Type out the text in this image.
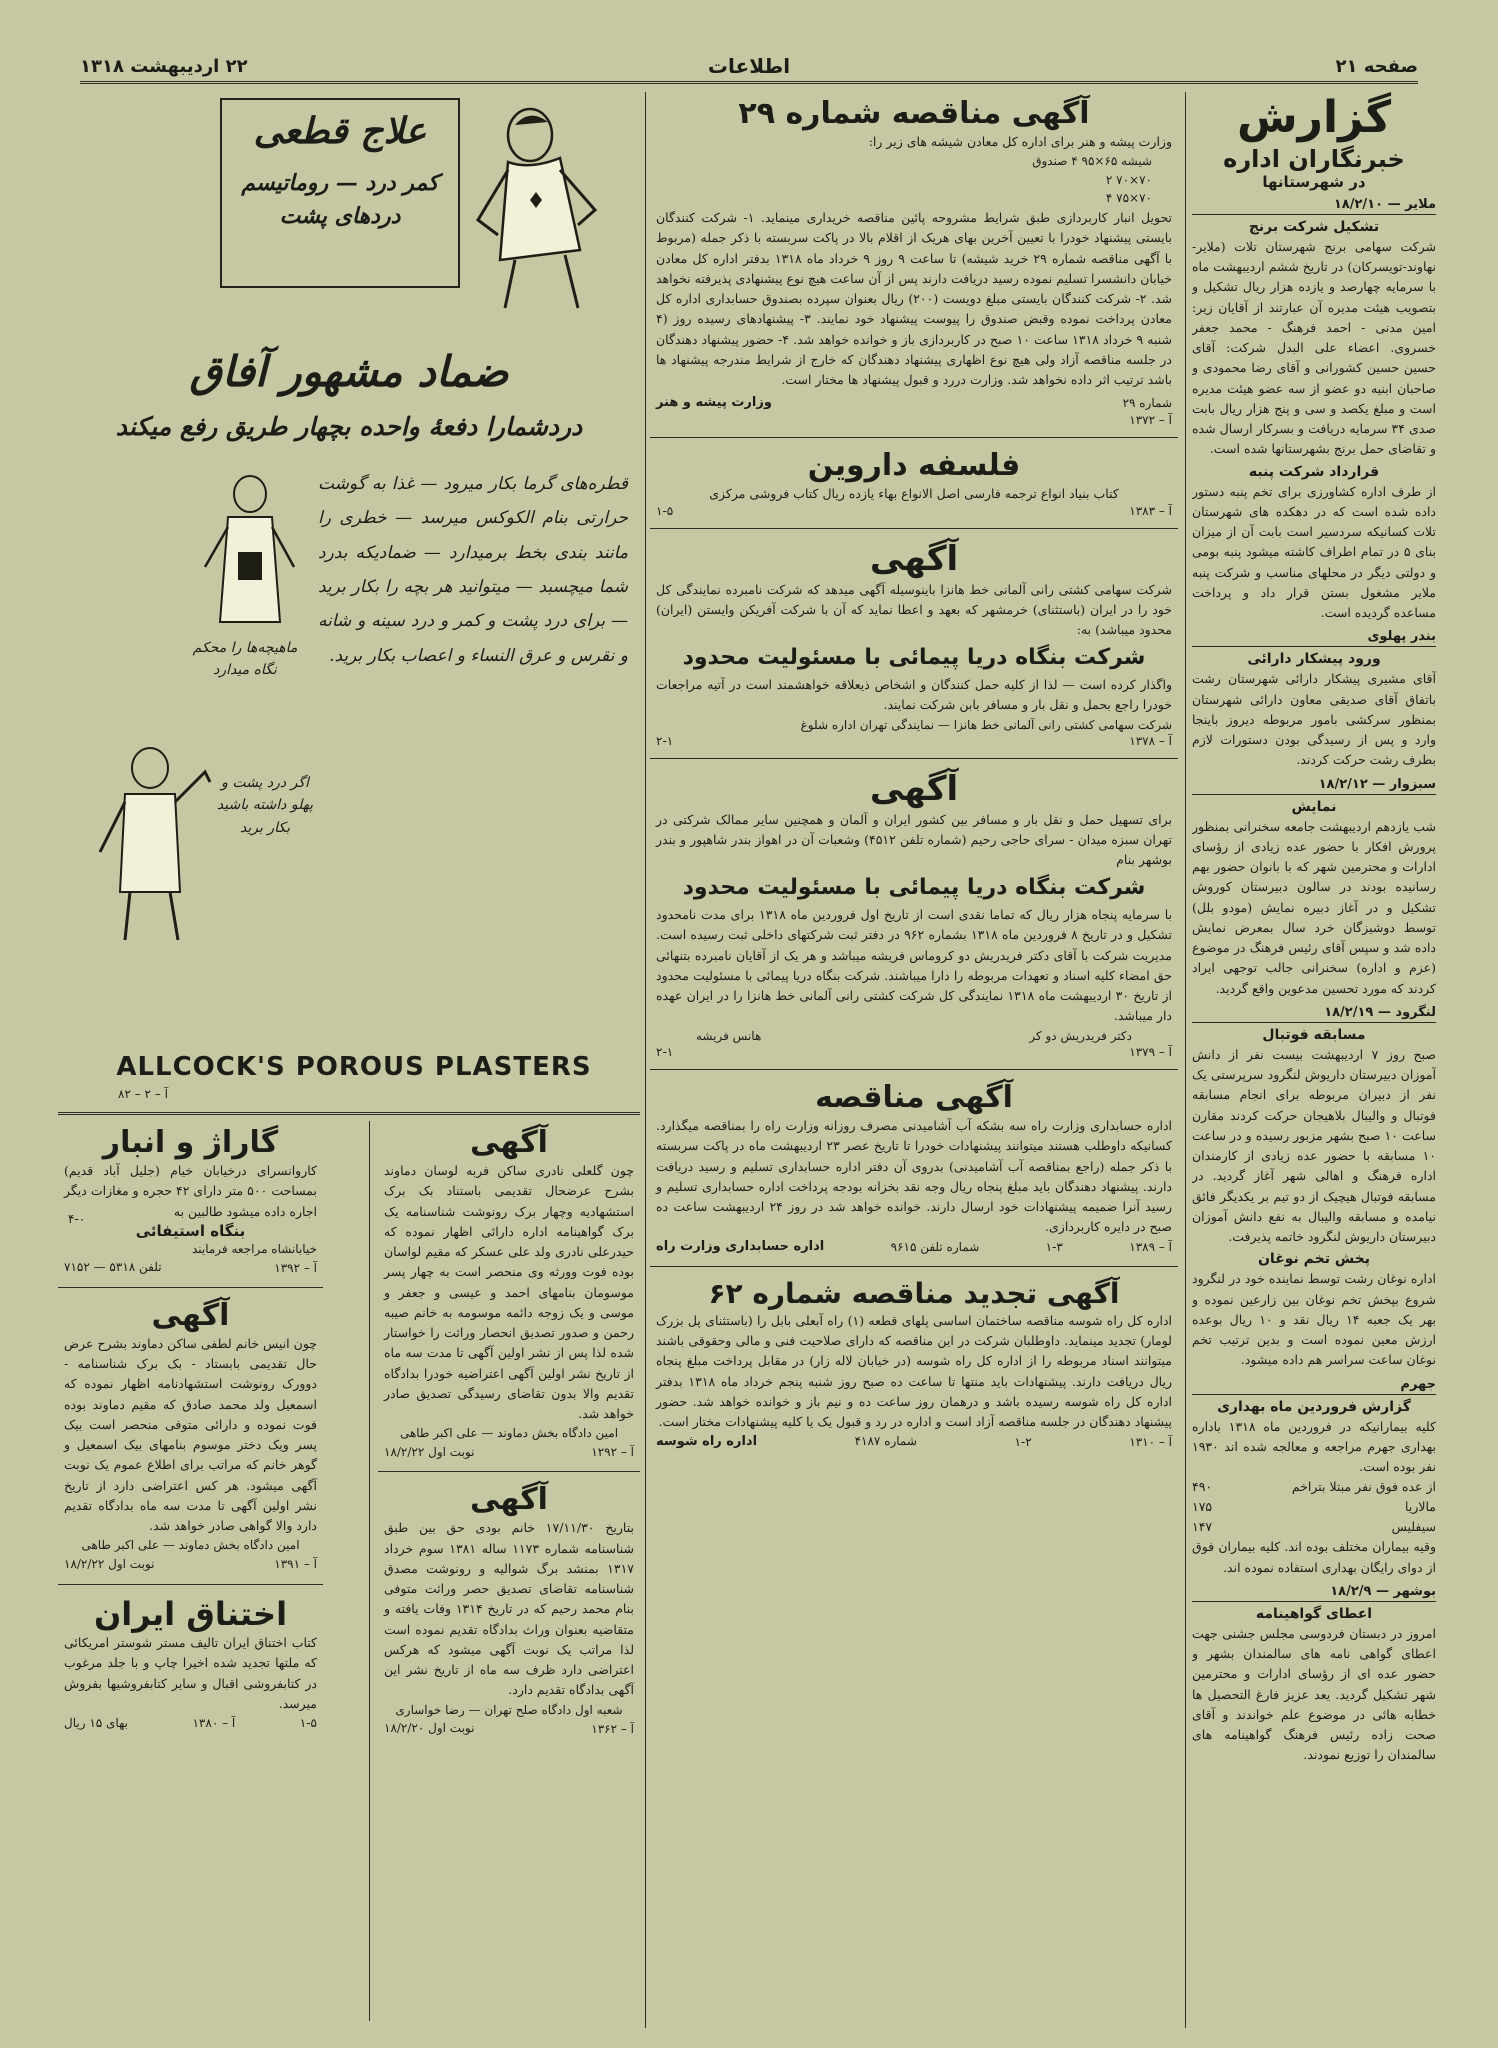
صفحه ۲۱
اطلاعات
۲۲ اردیبهشت ۱۳۱۸
گزارش
خبرنگاران اداره
در شهرستانها
ملایر — ۱۸/۲/۱۰
تشکیل شرکت برنج
شرکت سهامی برنج شهرستان تلات (ملایر-نهاوند-تویسرکان) در تاریخ ششم اردیبهشت ماه با سرمایه چهارصد و یازده هزار ریال تشکیل و بتصویب هیئت مدیره آن عبارتند از آقایان زیر: امین مدنی - احمد فرهنگ - محمد جعفر خسروی. اعضاء علی البدل شرکت: آقای حسین حسین کشورانی و آقای رضا محمودی و صاحبان ابنیه دو عضو از سه عضو هیئت مدیره است و مبلغ یکصد و سی و پنج هزار ریال بابت صدی ۳۴ سرمایه دریافت و بسرکار ارسال شده و تقاضای حمل برنج بشهرستانها شده است.
قرارداد شرکت پنبه
از طرف اداره کشاورزی برای تخم پنبه دستور داده شده است که در دهکده های شهرستان تلات کسانیکه سردسیر است بابت آن از میزان بنای ۵ در تمام اطراف کاشته میشود پنبه بومی و دولتی دیگر در محلهای مناسب و شرکت پنبه ملایر مشغول بستن قرار داد و پرداخت مساعده گردیده است.
بندر پهلوی
ورود پیشکار دارائی
آقای مشیری پیشکار دارائی شهرستان رشت باتفاق آقای صدیقی معاون دارائی شهرستان بمنظور سرکشی بامور مربوطه دیروز باینجا وارد و پس از رسیدگی بودن دستورات لازم بطرف رشت حرکت کردند.
سبزوار — ۱۸/۲/۱۲
نمایش
شب یازدهم اردیبهشت جامعه سخنرانی بمنظور پرورش افکار با حضور عده زیادی از رؤسای ادارات و محترمین شهر که با بانوان حضور بهم رسانیده بودند در سالون دبیرستان کوروش تشکیل و در آغاز دبیره نمایش (مودو بلل) توسط دوشیزگان خرد سال بمعرض نمایش داده شد و سپس آقای رئیس فرهنگ در موضوع (عزم و اداره) سخنرانی جالب توجهی ایراد کردند که مورد تحسین مدعوین واقع گردید.
لنگرود — ۱۸/۲/۱۹
مسابقه فوتبال
صبح روز ۷ اردیبهشت بیست نفر از دانش آموزان دبیرستان داریوش لنگرود سرپرستی یک نفر از دبیران مربوطه برای انجام مسابقه فوتبال و والیبال بلاهیجان حرکت کردند مقارن ساعت ۱۰ صبح بشهر مزبور رسیده و در ساعت ۱۰ مسابقه با حضور عده زیادی از کارمندان اداره فرهنگ و اهالی شهر آغاز گردید. در مسابقه فوتبال هیچیک از دو تیم بر یکدیگر فائق نیامده و مسابقه والیبال به نفع دانش آموزان دبیرستان داریوش لنگرود خاتمه پذیرفت.
پخش تخم نوغان
اداره نوغان رشت توسط نماینده خود در لنگرود شروع بپخش تخم نوغان بین زارعین نموده و بهر یک جعبه ۱۴ ریال نقد و ۱۰ ریال بوعده ارزش معین نموده است و بدین ترتیب تخم نوغان ساعت سراسر هم داده میشود.
جهرم
گزارش فروردین ماه بهداری
کلیه بیمارانیکه در فروردین ماه ۱۳۱۸ باداره بهداری جهرم مراجعه و معالجه شده اند ۱۹۳۰ نفر بوده است.
از عده فوق نفر مبتلا بتراخم
۴۹۰
مالاریا
۱۷۵
سیفلیس
۱۴۷
وقیه بیماران مختلف بوده اند. کلیه بیماران فوق از دوای رایگان بهداری استفاده نموده اند.
بوشهر — ۱۸/۲/۹
اعطای گواهینامه
امروز در دبستان فردوسی مجلس جشنی جهت اعطای گواهی نامه های سالمندان بشهر و حضور عده ای از رؤسای ادارات و محترمین شهر تشکیل گردید. یعد عزیز فارغ التحصیل ها خطابه هائی در موضوع علم خواندند و آقای صحت زاده رئیس فرهنگ گواهینامه های سالمندان را توزیع نمودند.
آگهی مناقصه شماره ۲۹
وزارت پیشه و هنر برای اداره کل معادن شیشه های زیر را:
شیشه ۶۵×۹۵ ۴ صندوق
۷۰×۷۰ ۲
۷۰×۷۵ ۴
تحویل انبار کاربردازی طبق شرایط مشروحه پائین مناقصه خریداری مینماید. ۱- شرکت کنندگان بایستی پیشنهاد خودرا با تعیین آخرین بهای هریک از اقلام بالا در پاکت سربسته با ذکر جمله (مربوط با آگهی مناقصه شماره ۲۹ خرید شیشه) تا ساعت ۹ روز ۹ خرداد ماه ۱۳۱۸ بدفتر اداره کل معادن خیابان دانشسرا تسلیم نموده رسید دریافت دارند پس از آن ساعت هیچ نوع پیشنهادی پذیرفته نخواهد شد. ۲- شرکت کنندگان بایستی مبلغ دویست (۲۰۰) ریال بعنوان سپرده بصندوق حسابداری اداره کل معادن پرداخت نموده وقبض صندوق را پیوست پیشنهاد خود نمایند. ۳- پیشنهادهای رسیده روز (۴ شنبه ۹ خرداد ۱۳۱۸ ساعت ۱۰ صبح در کاربردازی باز و خوانده خواهد شد. ۴- حضور پیشنهاد دهندگان در جلسه مناقصه آزاد ولی هیچ نوع اظهاری پیشنهاد دهندگان که خارج از شرایط مندرجه پیشنهاد ها باشد ترتیب اثر داده نخواهد شد. وزارت دررد و قبول پیشنهاد ها مختار است.
شماره ۲۹
وزارت پیشه و هنر
آ – ۱۳۷۲
فلسفه داروین
کتاب بنیاد انواع ترجمه فارسی اصل الانواع بهاء یازده ریال کتاب فروشی مرکزی
آ – ۱۳۸۳
۱-۵
آگهی
شرکت سهامی کشتی رانی آلمانی خط هانزا باینوسیله آگهی میدهد که شرکت نامبرده نمایندگی کل خود را در ایران (باستثنای) خرمشهر که بعهد و اعطا نماید که آن با شرکت آفریکن وایستن (ایران) محدود میباشد) به:
شرکت بنگاه دریا پیمائی با مسئولیت محدود
واگذار کرده است — لذا از کلیه حمل کنندگان و اشخاص ذیعلاقه خواهشمند است در آتیه مراجعات خودرا راجع بحمل و نقل بار و مسافر بابن شرکت نمایند.
شرکت سهامی کشتی رانی آلمانی خط هانزا — نمایندگی تهران اداره شلوغ
آ – ۱۳۷۸
۲-۱
آگهی
برای تسهیل حمل و نقل بار و مسافر بین کشور ایران و آلمان و همچنین سایر ممالک شرکتی در تهران سبزه میدان - سرای حاجی رحیم (شماره تلفن ۴۵۱۲) وشعبات آن در اهواز بندر شاهپور و بندر بوشهر بنام
شرکت بنگاه دریا پیمائی با مسئولیت محدود
با سرمایه پنجاه هزار ریال که تماما نقدی است از تاریخ اول فروردین ماه ۱۳۱۸ برای مدت نامحدود تشکیل و در تاریخ ۸ فروردین ماه ۱۳۱۸ بشماره ۹۶۲ در دفتر ثبت شرکتهای داخلی ثبت رسیده است. مدیریت شرکت با آقای دکتر فریدریش دو کروماس فریشه میباشد و هر یک از آقایان نامبرده بتنهائی حق امضاء کلیه اسناد و تعهدات مربوطه را دارا میباشند. شرکت بنگاه دریا پیمائی با مسئولیت محدود از تاریخ ۳۰ اردیبهشت ماه ۱۳۱۸ نمایندگی کل شرکت کشتی رانی آلمانی خط هانزا را در ایران عهده دار میباشد.
دکتر فریدریش دو کر
هانس فریشه
آ – ۱۳۷۹
۲-۱
آگهی مناقصه
اداره حسابداری وزارت راه سه بشکه آب آشامیدنی مصرف روزانه وزارت راه را بمناقصه میگذارد. کسانیکه داوطلب هستند میتوانند پیشنهادات خودرا تا تاریخ عصر ۲۳ اردیبهشت ماه در پاکت سربسته با ذکر جمله (راجع بمناقصه آب آشامیدنی) بدروی آن دفتر اداره حسابداری تسلیم و رسید دریافت دارند. پیشنهاد دهندگان باید مبلغ پنجاه ریال وجه نقد بخزانه بودجه پرداخت اداره حسابداری تسلیم و رسید آنرا ضمیمه پیشنهادات خود ارسال دارند. خوانده خواهد شد در روز ۲۴ اردیبهشت ساعت ده صبح در دایره کاربردازی.
آ – ۱۳۸۹
۱-۳
شماره تلفن ۹۶۱۵
اداره حسابداری وزارت راه
آگهی تجدید مناقصه شماره ۶۲
اداره کل راه شوسه مناقصه ساختمان اساسی پلهای قطعه (۱) راه آبعلی بابل را (باستثنای پل بزرک لومار) تجدید مینماید. داوطلبان شرکت در این مناقصه که دارای صلاحیت فنی و مالی وحقوقی باشند میتوانند اسناد مربوطه را از اداره کل راه شوسه (در خیابان لاله زار) در مقابل پرداخت مبلغ پنجاه ریال دریافت دارند. پیشنهادات باید منتها تا ساعت ده صبح روز شنبه پنجم خرداد ماه ۱۳۱۸ بدفتر اداره کل راه شوسه رسیده باشد و درهمان روز ساعت ده و نیم باز و خوانده خواهد شد. حضور پیشنهاد دهندگان در جلسه مناقصه آزاد است و اداره در رد و قبول یک یا کلیه پیشنهادات مختار است.
آ – ۱۳۱۰
۱-۲
شماره ۴۱۸۷
اداره راه شوسه
علاج قطعی
کمر درد — روماتیسم دردهای پشت
ضماد مشهور آفاق
دردشمارا دفعهٔ واحده بچهار طریق رفع میکند
قطره‌های گرما بکار میرود — غذا به گوشت حرارتی بنام الکوکس میرسد — خطری را مانند بندی بخط برمیدارد — ضمادیکه بدرد شما میچسبد — میتوانید هر بچه را بکار برید — برای درد پشت و کمر و درد سینه و شانه و نقرس و عرق النساء و اعصاب بکار برید.
ماهیچه‌ها را محکم نگاه میدارد
اگر درد پشت و پهلو داشته باشید بکار برید
ALLCOCK'S POROUS PLASTERS
آ – ۲ – ۸۲
۴-۰
آگهی
چون گلعلی نادری ساکن فربه لوسان دماوند بشرح عرضحال تقدیمی باستناد بک برک استشهادیه وچهار برک رونوشت شناسنامه یک برک گواهینامه اداره دارائی اظهار نموده که حیدرعلی نادری ولد علی عسکر که مقیم لواسان بوده فوت وورثه وی منحصر است به چهار پسر موسومان بنامهای احمد و عیسی و جعفر و موسی و یک زوجه دائمه موسومه به خانم صیبه رحمن و صدور تصدیق انحصار وراثت را خواستار شده لذا پس از نشر اولین آگهی تا مدت سه ماه از تاریخ نشر اولین آگهی اعتراضیه خودرا بدادگاه تقدیم والا بدون تقاضای رسیدگی تصدیق صادر خواهد شد.
امین دادگاه بخش دماوند — علی اکبر طاهی
آ – ۱۲۹۲
نوبت اول ۱۸/۲/۲۲
آگهی
بتاریخ ۱۷/۱۱/۳۰ خانم بودی حق بین طبق شناسنامه شماره ۱۱۷۳ ساله ۱۳۸۱ سوم خرداد ۱۳۱۷ بمنشد برگ شوالیه و رونوشت مصدق شناسنامه تقاضای تصدیق حصر وراثت متوفی بنام محمد رحیم که در تاریخ ۱۳۱۴ وفات یافته و متقاضیه بعنوان وراث بدادگاه تقدیم نموده است لذا مراتب یک نوبت آگهی میشود که هرکس اعتراضی دارد ظرف سه ماه از تاریخ نشر این آگهی بدادگاه تقدیم دارد.
شعبه اول دادگاه صلح تهران — رضا خواساری
آ – ۱۳۶۲
نوبت اول ۱۸/۲/۲۰
گاراژ و انبار
کاروانسرای درخیابان خیام (جلیل آباد قدیم) بمساحت ۵۰۰ متر دارای ۴۲ حجره و مغازات دیگر اجاره داده میشود طالبین به
بنگاه استیفائی
خیابانشاه مراجعه فرمایند
آ – ۱۳۹۲
تلفن ۵۳۱۸ — ۷۱۵۲
آگهی
چون انیس خانم لطفی ساکن دماوند بشرح عرض حال تقدیمی بابستاد - بک برک شناسنامه - دوورک رونوشت استشهادنامه اظهار نموده که اسمعیل ولد محمد صادق که مقیم دماوند بوده فوت نموده و دارائی متوفی منحصر است بیک پسر ویک دختر موسوم بنامهای بیک اسمعیل و گوهر خانم که مراتب برای اطلاع عموم یک نوبت آگهی میشود. هر کس اعتراضی دارد از تاریخ نشر اولین آگهی تا مدت سه ماه بدادگاه تقدیم دارد والا گواهی صادر خواهد شد.
امین دادگاه بخش دماوند — علی اکبر طاهی
آ – ۱۳۹۱
نوبت اول ۱۸/۲/۲۲
اختناق ایران
کتاب اختناق ایران تالیف مستر شوستر امریکائی که ملتها تجدید شده اخیرا چاپ و با جلد مرغوب در کتابفروشی اقبال و سایر کتابفروشیها بفروش میرسد.
۱-۵
آ – ۱۳۸۰
بهای ۱۵ ریال
